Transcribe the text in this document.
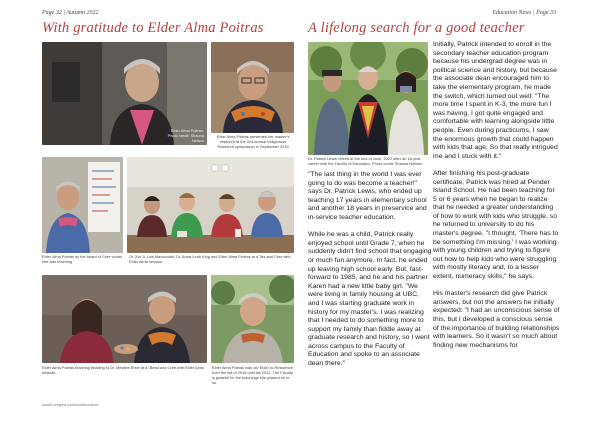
Page 32 | Autumn 2022	Education News | Page 33
With gratitude to Elder Alma Poitras	A lifelong search for a good teacher
Elder Alma Poitras. Photo credit: Shauna Nelson
Elder Alma Poitras presented her master's research at the 2nd annual Indigenous Research symposium in September 2019
Elder Alma Poitras by the board of Cree words she was teaching
Dr. Xia Ji, Lois Macdonald, Dr. Anna-Leah King and Elder Alma Poitras at a Tea and Cree with Elder Alma session.
Elder Alma Poitras teaching beading to Dr. Melaine Brice at a "Bead and Cree with Elder Alma session.
Elder Alma Poitras was our Elder-in-Residence from the fall of 2016 until fall 2022. The Faculty is grateful for the teachings she passed on to us.
www2.uregina.ca/education/news
Dr. Patrick Lewis retired at the end of June, 2022 after an 18-year career with the Faculty of Education. Photo credit: Shauna Nielsen

"The last thing in the world I was ever going to do was become a teacher!" says Dr. Patrick Lewis, who ended up teaching 17 years in elementary school and another 18 years in preservice and in-service teacher education.

While he was a child, Patrick really enjoyed school until Grade 7, when he suddenly didn't find school that engaging or much fun anymore. In fact, he ended up leaving high school early. But, fast-forward to 1985, and he and his partner Karen had a new little baby girl. "We were living in family housing at UBC, and I was starting graduate work in history for my master's. I was realizing that I needed to do something more to support my family than fiddle away at graduate research and history, so I went across campus to the Faculty of Education and spoke to an associate dean there."

Initially, Patrick intended to enroll in the secondary teacher education program because his undergrad degree was in political science and history, but because the associate dean encouraged him to take the elementary program, he made the switch, which turned out well: "The more time I spent in K-3, the more fun I was having. I got quite engaged and comfortable with learning alongside little people. Even during practicums, I saw the enormous growth that could happen with kids that age. So that really intrigued me and I stuck with it."

After finishing his post-graduate certificate, Patrick was hired at Pender Island School. He had been teaching for 5 or 6 years when he began to realize that he needed a greater understanding of how to work with kids who struggle, so he returned to university to do his master's degree. "I thought, 'There has to be something I'm missing.' I was working with young children and trying to figure out how to help kids who were struggling with mostly literacy and, to a lesser extent, numeracy skills," he says.

His master's research did give Patrick answers, but not the answers he initially expected: "I had an unconscious sense of this, but I developed a conscious sense of the importance of building relationships with learners. So it wasn't so much about finding new mechanisms for
